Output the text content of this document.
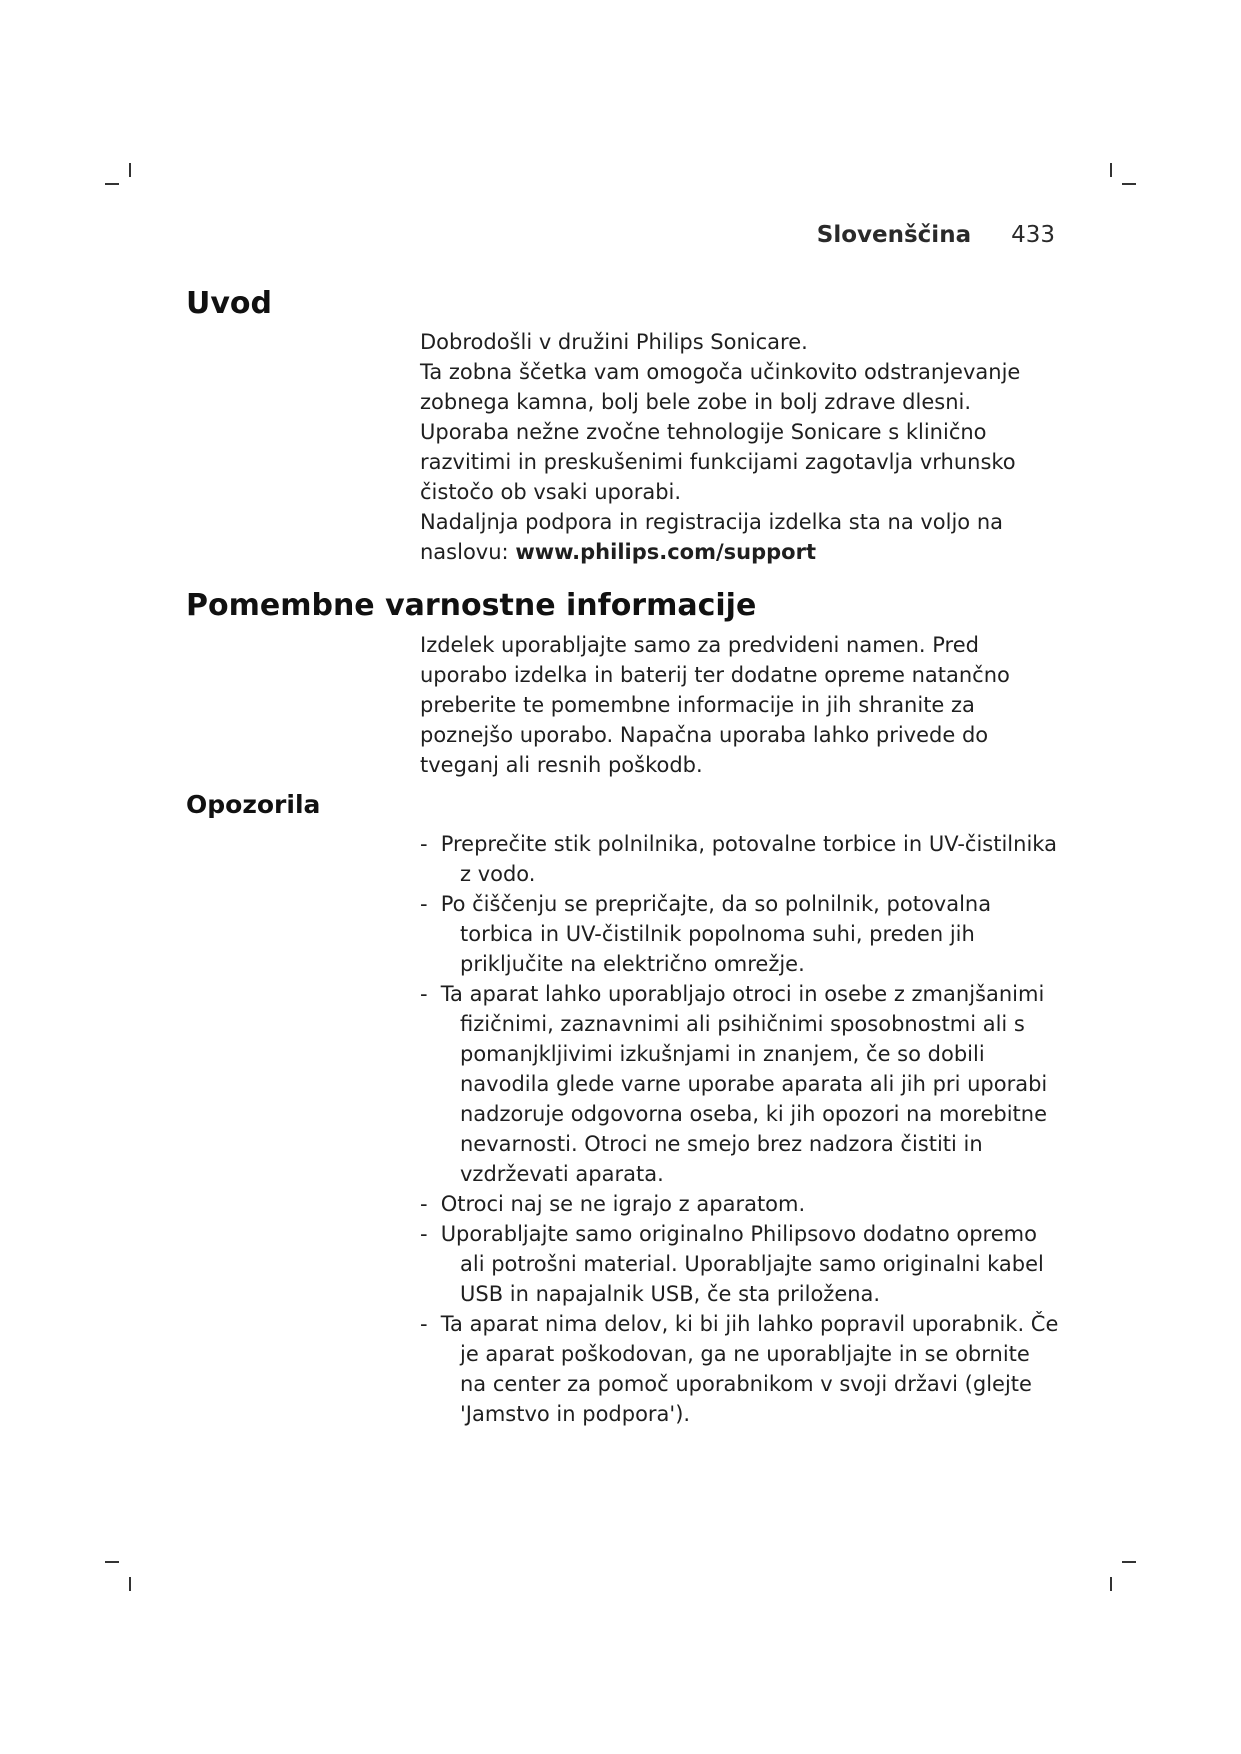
Slovenščina 433
Uvod

Dobrodošli v družini Philips Sonicare.

Ta zobna ščetka vam omogoča učinkovito odstranjevanje zobnega kamna, bolj bele zobe in bolj zdrave dlesni. Uporaba nežne zvočne tehnologije Sonicare s klinično razvitimi in preskušenimi funkcijami zagotavlja vrhunsko čistočo ob vsaki uporabi.

Nadaljnja podpora in registracija izdelka sta na voljo na naslovu: www.philips.com/support

Pomembne varnostne informacije

Izdelek uporabljajte samo za predvideni namen. Pred uporabo izdelka in baterij ter dodatne opreme natančno preberite te pomembne informacije in jih shranite za poznejšo uporabo. Napačna uporaba lahko privede do tveganj ali resnih poškodb.

Opozorila
- Preprečite stik polnilnika, potovalne torbice in UV-čistilnika z vodo.
- Po čiščenju se prepričajte, da so polnilnik, potovalna torbica in UV-čistilnik popolnoma suhi, preden jih priključite na električno omrežje.
- Ta aparat lahko uporabljajo otroci in osebe z zmanjšanimi fizičnimi, zaznavnimi ali psihičnimi sposobnostmi ali s pomanjkljivimi izkušnjami in znanjem, če so dobili navodila glede varne uporabe aparata ali jih pri uporabi nadzoruje odgovorna oseba, ki jih opozori na morebitne nevarnosti. Otroci ne smejo brez nadzora čistiti in vzdrževati aparata.
- Otroci naj se ne igrajo z aparatom.
- Uporabljajte samo originalno Philipsovo dodatno opremo ali potrošni material. Uporabljajte samo originalni kabel USB in napajalnik USB, če sta priložena.
- Ta aparat nima delov, ki bi jih lahko popravil uporabnik. Če je aparat poškodovan, ga ne uporabljajte in se obrnite na center za pomoč uporabnikom v svoji državi (glejte 'Jamstvo in podpora').
